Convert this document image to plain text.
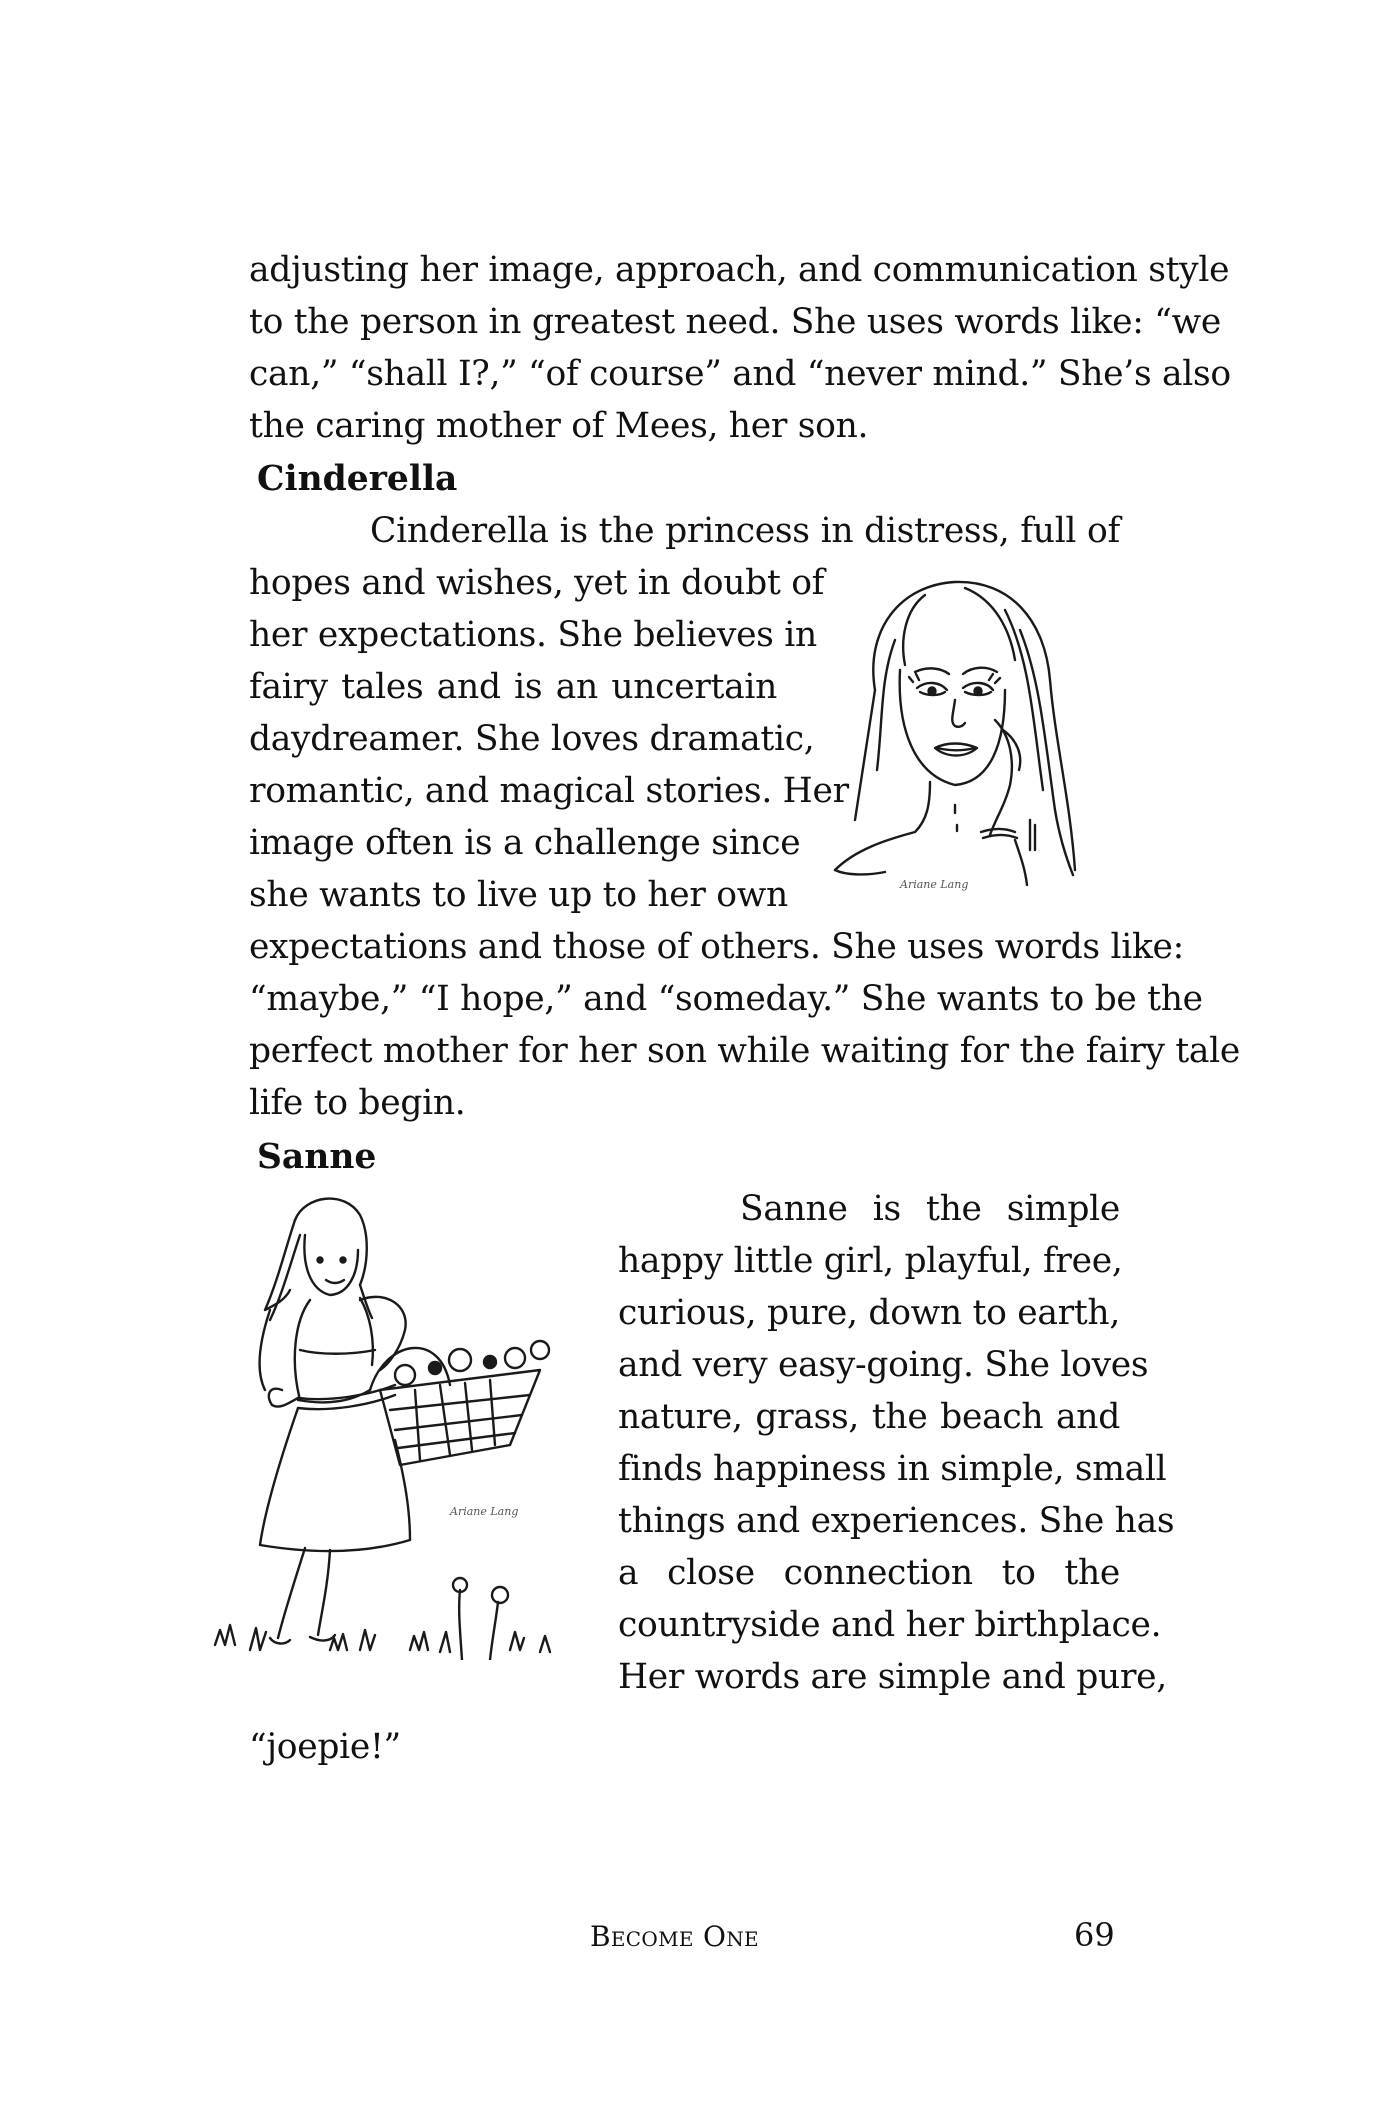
adjusting her image, approach, and communication style
to the person in greatest need. She uses words like: “we
can,” “shall I?,” “of course” and “never mind.” She’s also
the caring mother of Mees, her son.
Cinderella
Cinderella is the princess in distress, full of
hopes and wishes, yet in doubt of
her expectations. She believes in
fairy tales and is an uncertain
daydreamer. She loves dramatic,
romantic, and magical stories. Her
image often is a challenge since
she wants to live up to her own
expectations and those of others. She uses words like:
“maybe,” “I hope,” and “someday.” She wants to be the
perfect mother for her son while waiting for the fairy tale
life to begin.
Ariane Lang
Sanne
Sanne is the simple
happy little girl, playful, free,
curious, pure, down to earth,
and very easy-going. She loves
nature, grass, the beach and
finds happiness in simple, small
things and experiences. She has
a close connection to the
countryside and her birthplace.
Her words are simple and pure,
“joepie!”
Ariane Lang
Become One	69
